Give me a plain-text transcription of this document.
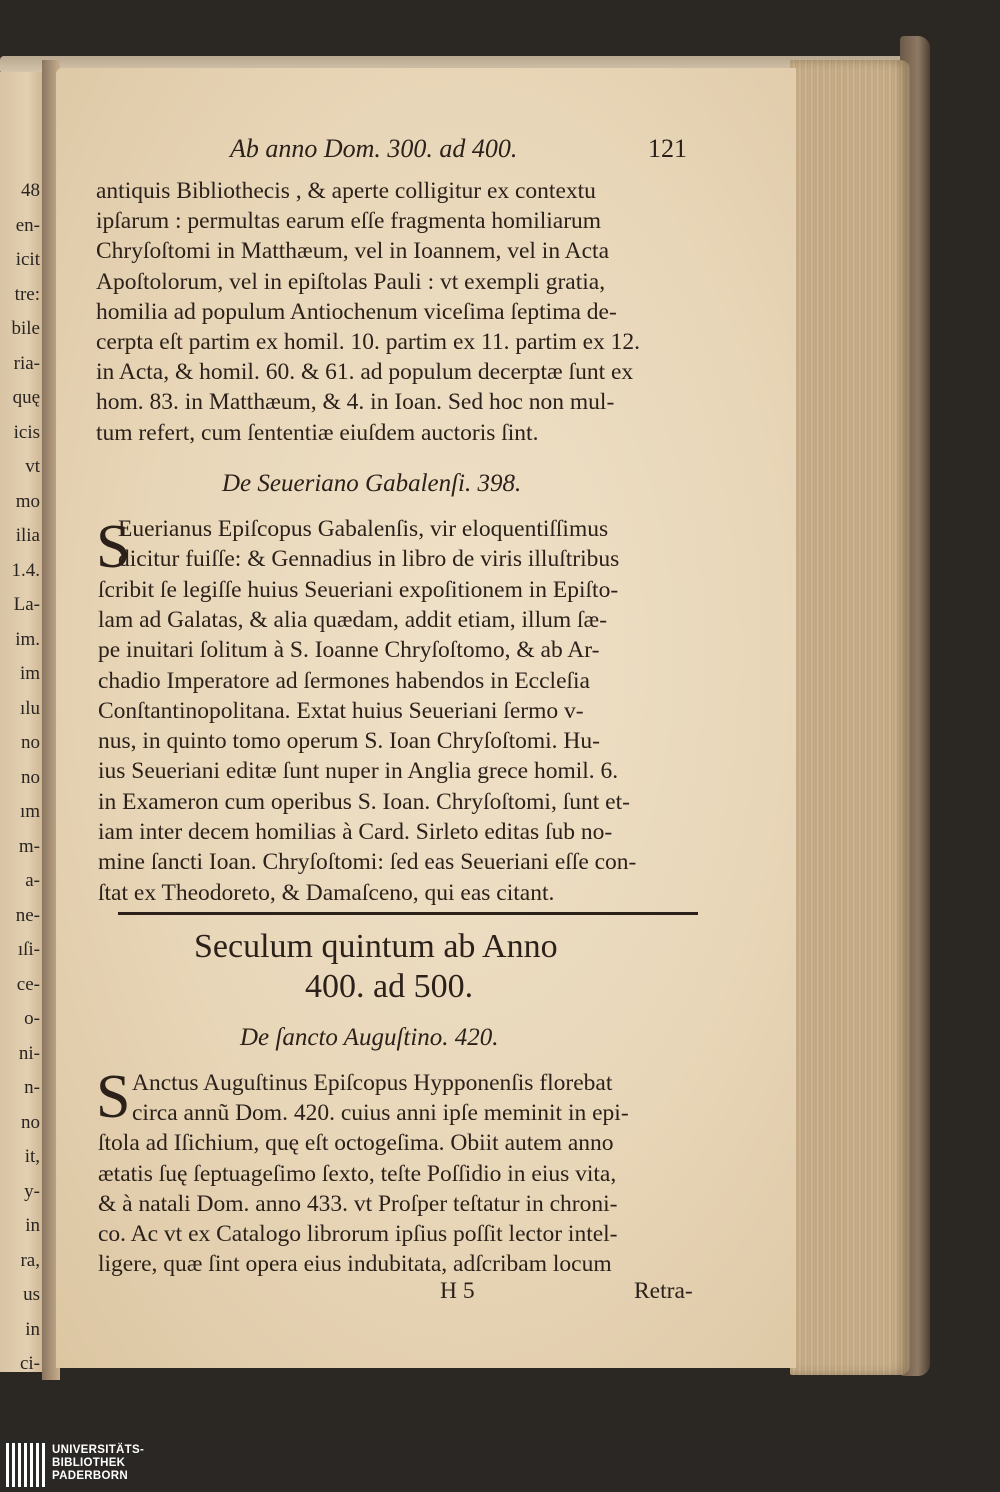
48
en-
icit
tre:
bile
ria-
quę
icis
vt
mo
ilia
1.4.
La-
im.
im
ılu
no
no
ım
m-
a-
ne-
ıſi-
ce-
o-
ni-
n-
no
it,
y-
in
ra,
us
in
ci-
Ab anno Dom. 300. ad 400.	121
antiquis Bibliothecis , & aperte colligitur ex contextu
ipſarum : permultas earum eſſe fragmenta homiliarum
Chryſoſtomi in Matthæum, vel in Ioannem, vel in Acta
Apoſtolorum, vel in epiſtolas Pauli : vt exempli gratia,
homilia ad populum Antiochenum viceſima ſeptima de-
cerpta eſt partim ex homil. 10. partim ex 11. partim ex 12.
in Acta, & homil. 60. & 61. ad populum decerptæ ſunt ex
hom. 83. in Matthæum, & 4. in Ioan. Sed hoc non mul-
tum refert, cum ſententiæ eiuſdem auctoris ſint.
De Seueriano Gabalenſi. 398.
S
Euerianus Epiſcopus Gabalenſis, vir eloquentiſſimus
dicitur fuiſſe: & Gennadius in libro de viris illuſtribus
ſcribit ſe legiſſe huius Seueriani expoſitionem in Epiſto-
lam ad Galatas, & alia quædam, addit etiam, illum ſæ-
pe inuitari ſolitum à S. Ioanne Chryſoſtomo, & ab Ar-
chadio Imperatore ad ſermones habendos in Eccleſia
Conſtantinopolitana. Extat huius Seueriani ſermo v-
nus, in quinto tomo operum S. Ioan Chryſoſtomi. Hu-
ius Seueriani editæ ſunt nuper in Anglia grece homil. 6.
in Exameron cum operibus S. Ioan. Chryſoſtomi, ſunt et-
iam inter decem homilias à Card. Sirleto editas ſub no-
mine ſancti Ioan. Chryſoſtomi: ſed eas Seueriani eſſe con-
ſtat ex Theodoreto, & Damaſceno, qui eas citant.
Seculum quintum ab Anno
400. ad 500.
De ſancto Auguſtino. 420.
S Anctus Auguſtinus Epiſcopus Hypponenſis florebat
circa annũ Dom. 420. cuius anni ipſe meminit in epi-
ſtola ad Iſichium, quę eſt octogeſima. Obiit autem anno
ætatis ſuę ſeptuageſimo ſexto, teſte Poſſidio in eius vita,
& à natali Dom. anno 433. vt Proſper teſtatur in chroni-
co. Ac vt ex Catalogo librorum ipſius poſſit lector intel-
ligere, quæ ſint opera eius indubitata, adſcribam locum
H 5	Retra-
UNIVERSITÄTS-
BIBLIOTHEK
PADERBORN
